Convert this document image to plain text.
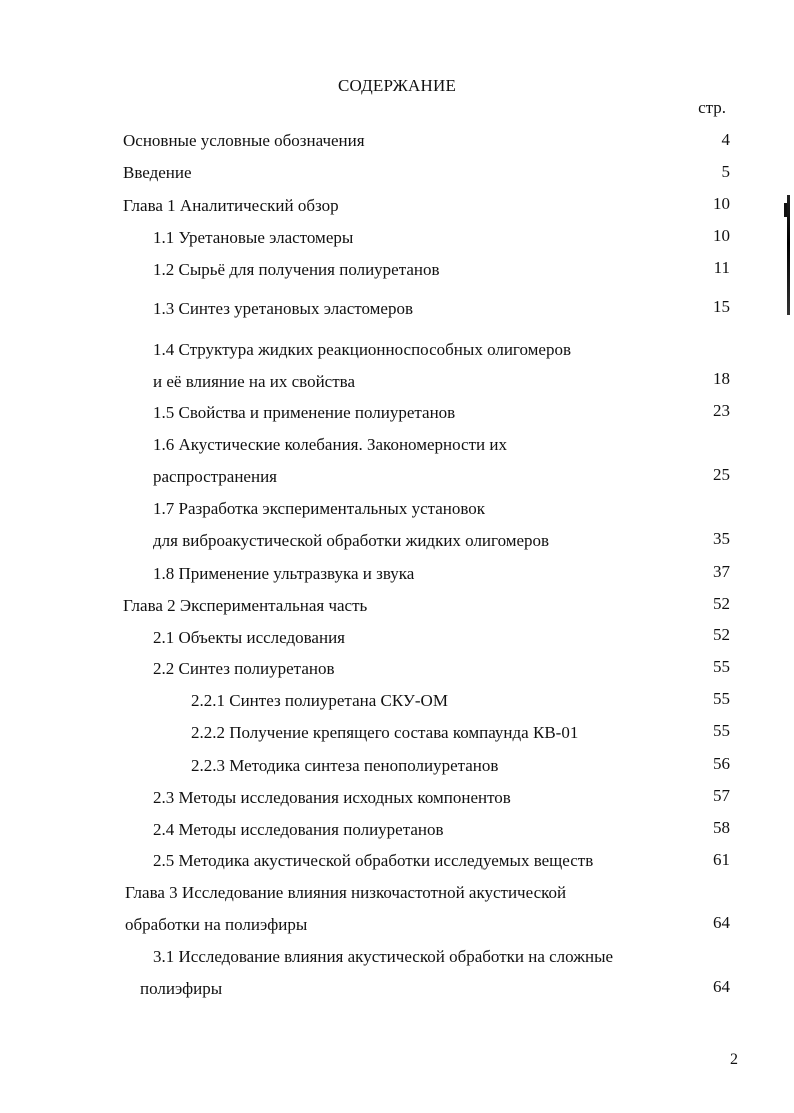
СОДЕРЖАНИЕ
стр.
Основные условные обозначения	4
Введение	5
Глава 1 Аналитический обзор	10
1.1 Уретановые эластомеры	10
1.2 Сырьё для получения полиуретанов	11
1.3 Синтез уретановых эластомеров	15
1.4 Структура жидких реакционноспособных олигомеров
и её влияние на их свойства	18
1.5 Свойства и применение полиуретанов	23
1.6 Акустические колебания. Закономерности их
распространения	25
1.7 Разработка экспериментальных установок
для виброакустической обработки жидких олигомеров	35
1.8 Применение ультразвука и звука	37
Глава 2 Экспериментальная часть	52
2.1 Объекты исследования	52
2.2 Синтез полиуретанов	55
2.2.1 Синтез полиуретана СКУ-ОМ	55
2.2.2 Получение крепящего состава компаунда КВ-01	55
2.2.3 Методика синтеза пенополиуретанов	56
2.3 Методы исследования исходных компонентов	57
2.4 Методы исследования полиуретанов	58
2.5 Методика акустической обработки исследуемых веществ	61
Глава 3 Исследование влияния низкочастотной акустической
обработки на полиэфиры	64
3.1 Исследование влияния акустической обработки на сложные
полиэфиры	64
2
